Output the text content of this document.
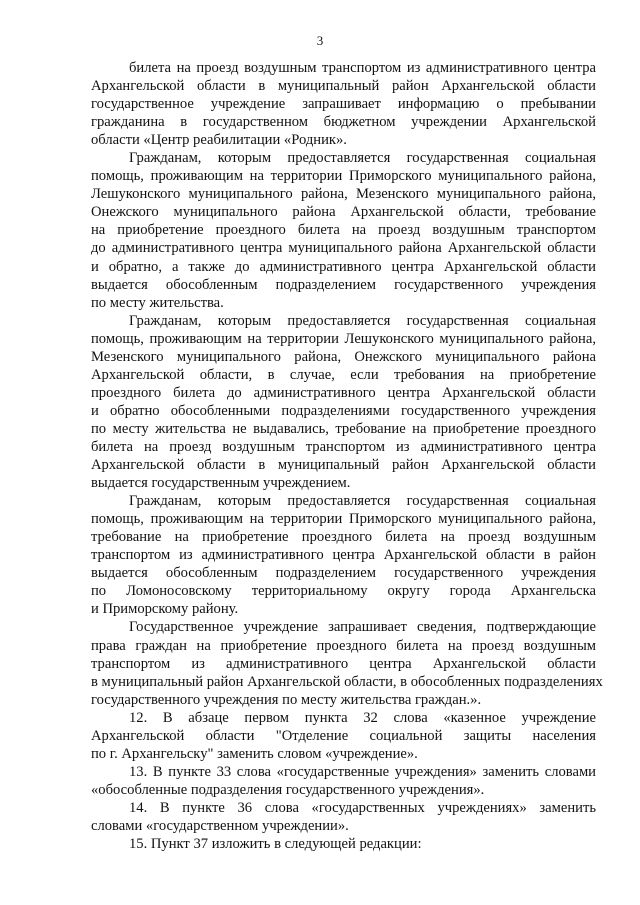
3
билета на проезд воздушным транспортом из административного центра
Архангельской области в муниципальный район Архангельской области
государственное учреждение запрашивает информацию о пребывании
гражданина в государственном бюджетном учреждении Архангельской
области «Центр реабилитации «Родник».
Гражданам, которым предоставляется государственная социальная
помощь, проживающим на территории Приморского муниципального района,
Лешуконского муниципального района, Мезенского муниципального района,
Онежского муниципального района Архангельской области, требование
на приобретение проездного билета на проезд воздушным транспортом
до административного центра муниципального района Архангельской области
и обратно, а также до административного центра Архангельской области
выдается обособленным подразделением государственного учреждения
по месту жительства.
Гражданам, которым предоставляется государственная социальная
помощь, проживающим на территории Лешуконского муниципального района,
Мезенского муниципального района, Онежского муниципального района
Архангельской области, в случае, если требования на приобретение
проездного билета до административного центра Архангельской области
и обратно обособленными подразделениями государственного учреждения
по месту жительства не выдавались, требование на приобретение проездного
билета на проезд воздушным транспортом из административного центра
Архангельской области в муниципальный район Архангельской области
выдается государственным учреждением.
Гражданам, которым предоставляется государственная социальная
помощь, проживающим на территории Приморского муниципального района,
требование на приобретение проездного билета на проезд воздушным
транспортом из административного центра Архангельской области в район
выдается обособленным подразделением государственного учреждения
по Ломоносовскому территориальному округу города Архангельска
и Приморскому району.
Государственное учреждение запрашивает сведения, подтверждающие
права граждан на приобретение проездного билета на проезд воздушным
транспортом из административного центра Архангельской области
в муниципальный район Архангельской области, в обособленных подразделениях
государственного учреждения по месту жительства граждан.».
12. В абзаце первом пункта 32 слова «казенное учреждение
Архангельской области "Отделение социальной защиты населения
по г. Архангельску" заменить словом «учреждение».
13. В пункте 33 слова «государственные учреждения» заменить словами
«обособленные подразделения государственного учреждения».
14. В пункте 36 слова «государственных учреждениях» заменить
словами «государственном учреждении».
15. Пункт 37 изложить в следующей редакции:
